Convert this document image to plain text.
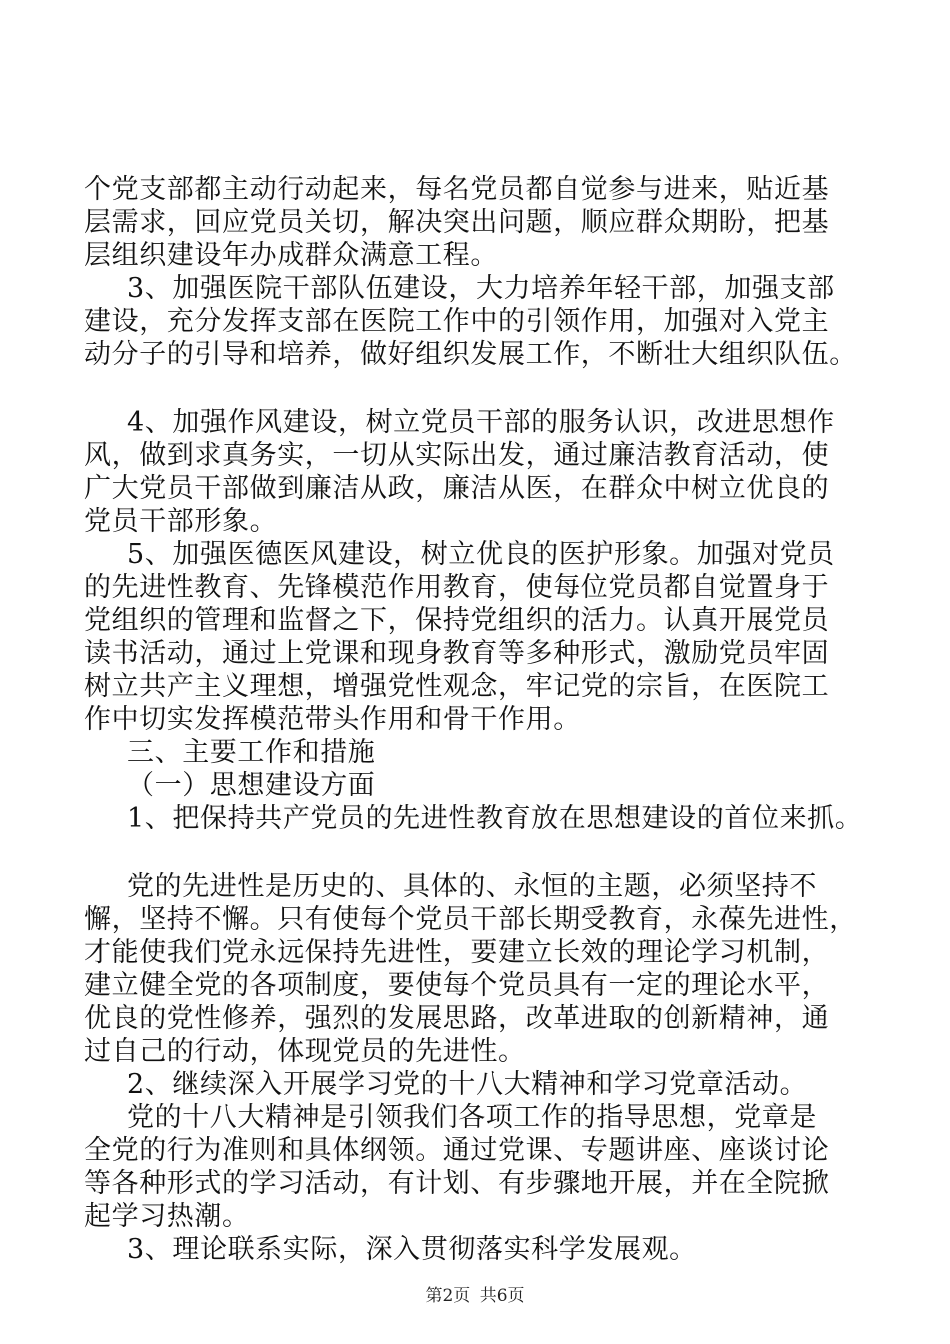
个党支部都主动行动起来，每名党员都自觉参与进来，贴近基
层需求，回应党员关切，解决突出问题，顺应群众期盼，把基
层组织建设年办成群众满意工程。
3、加强医院干部队伍建设，大力培养年轻干部，加强支部
建设，充分发挥支部在医院工作中的引领作用，加强对入党主
动分子的引导和培养，做好组织发展工作，不断壮大组织队伍。
4、加强作风建设，树立党员干部的服务认识，改进思想作
风，做到求真务实，一切从实际出发，通过廉洁教育活动，使
广大党员干部做到廉洁从政，廉洁从医，在群众中树立优良的
党员干部形象。
5、加强医德医风建设，树立优良的医护形象。加强对党员
的先进性教育、先锋模范作用教育，使每位党员都自觉置身于
党组织的管理和监督之下，保持党组织的活力。认真开展党员
读书活动，通过上党课和现身教育等多种形式，激励党员牢固
树立共产主义理想，增强党性观念，牢记党的宗旨，在医院工
作中切实发挥模范带头作用和骨干作用。
三、主要工作和措施
（一）思想建设方面
1、把保持共产党员的先进性教育放在思想建设的首位来抓。
党的先进性是历史的、具体的、永恒的主题，必须坚持不
懈，坚持不懈。只有使每个党员干部长期受教育，永葆先进性，
才能使我们党永远保持先进性，要建立长效的理论学习机制，
建立健全党的各项制度，要使每个党员具有一定的理论水平，
优良的党性修养，强烈的发展思路，改革进取的创新精神，通
过自己的行动，体现党员的先进性。
2、继续深入开展学习党的十八大精神和学习党章活动。
党的十八大精神是引领我们各项工作的指导思想，党章是
全党的行为准则和具体纲领。通过党课、专题讲座、座谈讨论
等各种形式的学习活动，有计划、有步骤地开展，并在全院掀
起学习热潮。
3、理论联系实际，深入贯彻落实科学发展观。
第2页 共6页
